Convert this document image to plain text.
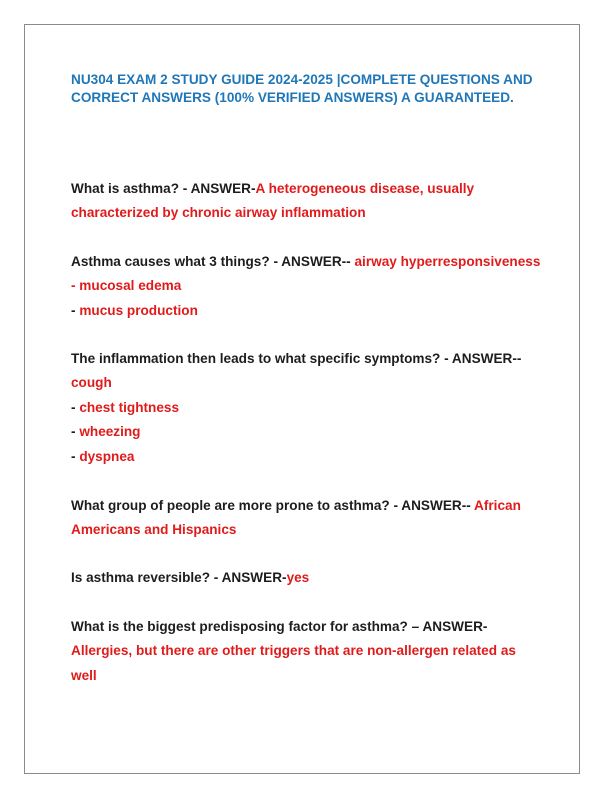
NU304 EXAM 2 STUDY GUIDE 2024-2025 |COMPLETE QUESTIONS AND CORRECT ANSWERS (100% VERIFIED ANSWERS) A GUARANTEED.
What is asthma? - ANSWER-A heterogeneous disease, usually characterized by chronic airway inflammation
Asthma causes what 3 things? - ANSWER-- airway hyperresponsiveness - mucosal edema
- mucus production
The inflammation then leads to what specific symptoms? - ANSWER--
cough
- chest tightness
- wheezing
- dyspnea
What group of people are more prone to asthma? - ANSWER-- African Americans and Hispanics
Is asthma reversible? - ANSWER-yes
What is the biggest predisposing factor for asthma? – ANSWER-Allergies, but there are other triggers that are non-allergen related as well
